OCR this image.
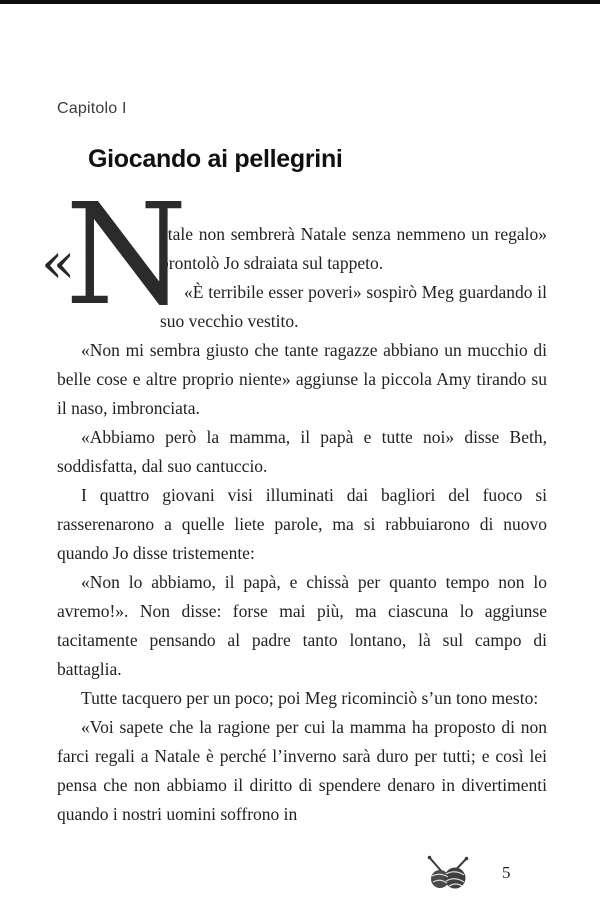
Capitolo I
Giocando ai pellegrini

«
N
atale non sembrerà Natale senza nemmeno un regalo» brontolò Jo sdraiata sul tappeto.

«È terribile esser poveri» sospirò Meg guardando il suo vecchio vestito.

«Non mi sembra giusto che tante ragazze abbiano un mucchio di belle cose e altre proprio niente» aggiunse la piccola Amy tirando su il naso, imbronciata.

«Abbiamo però la mamma, il papà e tutte noi» disse Beth, soddisfatta, dal suo cantuccio.

I quattro giovani visi illuminati dai bagliori del fuoco si rasserenarono a quelle liete parole, ma si rabbuiarono di nuovo quando Jo disse tristemente:

«Non lo abbiamo, il papà, e chissà per quanto tempo non lo avremo!». Non disse: forse mai più, ma ciascuna lo aggiunse tacitamente pensando al padre tanto lontano, là sul campo di battaglia.

Tutte tacquero per un poco; poi Meg ricominciò s’un tono mesto:

«Voi sapete che la ragione per cui la mamma ha proposto di non farci regali a Natale è perché l’inverno sarà duro per tutti; e così lei pensa che non abbiamo il diritto di spendere denaro in divertimenti quando i nostri uomini soffrono in

5
